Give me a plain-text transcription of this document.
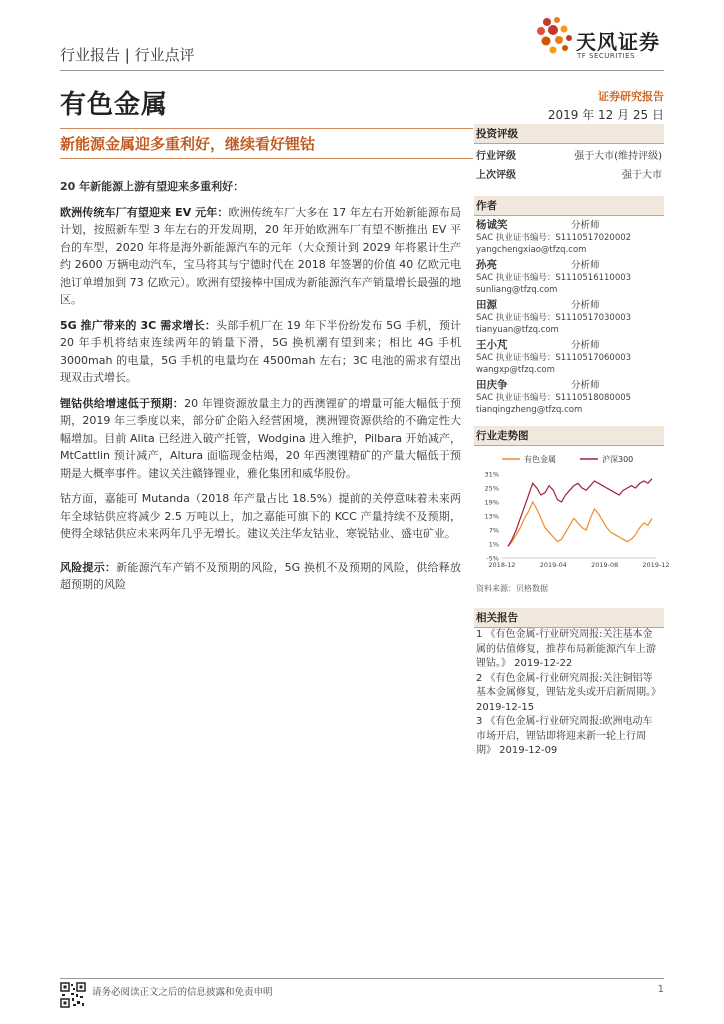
行业报告 | 行业点评
天风证券
TF SECURITIES
有色金属	证券研究报告
2019 年 12 月 25 日
新能源金属迎多重利好，继续看好锂钴

20 年新能源上游有望迎来多重利好：

欧洲传统车厂有望迎来 EV 元年：欧洲传统车厂大多在 17 年左右开始新能源布局计划，按照新车型 3 年左右的开发周期，20 年开始欧洲车厂有望不断推出 EV 平台的车型，2020 年将是海外新能源汽车的元年（大众预计到 2029 年将累计生产约 2600 万辆电动汽车，宝马将其与宁德时代在 2018 年签署的价值 40 亿欧元电池订单增加到 73 亿欧元）。欧洲有望接棒中国成为新能源汽车产销量增长最强的地区。

5G 推广带来的 3C 需求增长：头部手机厂在 19 年下半份纷发布 5G 手机，预计 20 年手机将结束连续两年的销量下滑，5G 换机潮有望到来；相比 4G 手机 3000mah 的电量，5G 手机的电量均在 4500mah 左右；3C 电池的需求有望出现双击式增长。

锂钴供给增速低于预期：20 年锂资源放量主力的西澳锂矿的增量可能大幅低于预期，2019 年三季度以来，部分矿企陷入经营困境，澳洲锂资源供给的不确定性大幅增加。目前 Alita 已经进入破产托管，Wodgina 进入维护，Pilbara 开始减产，MtCattlin 预计减产，Altura 面临现金枯竭，20 年西澳锂精矿的产量大幅低于预期是大概率事件。建议关注赣锋锂业，雅化集团和威华股份。

钴方面，嘉能可 Mutanda（2018 年产量占比 18.5%）提前的关停意味着未来两年全球钴供应将减少 2.5 万吨以上，加之嘉能可旗下的 KCC 产量持续不及预期，使得全球钴供应未来两年几乎无增长。建议关注华友钴业、寒锐钴业、盛屯矿业。

风险提示：新能源汽车产销不及预期的风险，5G 换机不及预期的风险，供给释放超预期的风险

投资评级
行业评级	强于大市(维持评级)
上次评级	强于大市
作者
杨诚笑	分析师
SAC 执业证书编号：S1110517020002
yangchengxiao@tfzq.com
孙亮	分析师
SAC 执业证书编号：S1110516110003
sunliang@tfzq.com
田源	分析师
SAC 执业证书编号：S1110517030003
tianyuan@tfzq.com
王小芃	分析师
SAC 执业证书编号：S1110517060003
wangxp@tfzq.com
田庆争	分析师
SAC 执业证书编号：S1110518080005
tianqingzheng@tfzq.com
行业走势图
有色金属	沪深300
31%
25%
19%
13%
7%
1%
-5%
2018-12	2019-04	2019-08	2019-12
资料来源：贝格数据
相关报告
1 《有色金属-行业研究周报:关注基本金属的估值修复，推荐布局新能源汽车上游锂钴。》 2019-12-22
2 《有色金属-行业研究周报:关注铜铝等基本金属修复，锂钴龙头或开启新周期。》 2019-12-15
3 《有色金属-行业研究周报:欧洲电动车市场开启，锂钴即将迎来新一轮上行周期》 2019-12-09
请务必阅读正文之后的信息披露和免责申明	1
